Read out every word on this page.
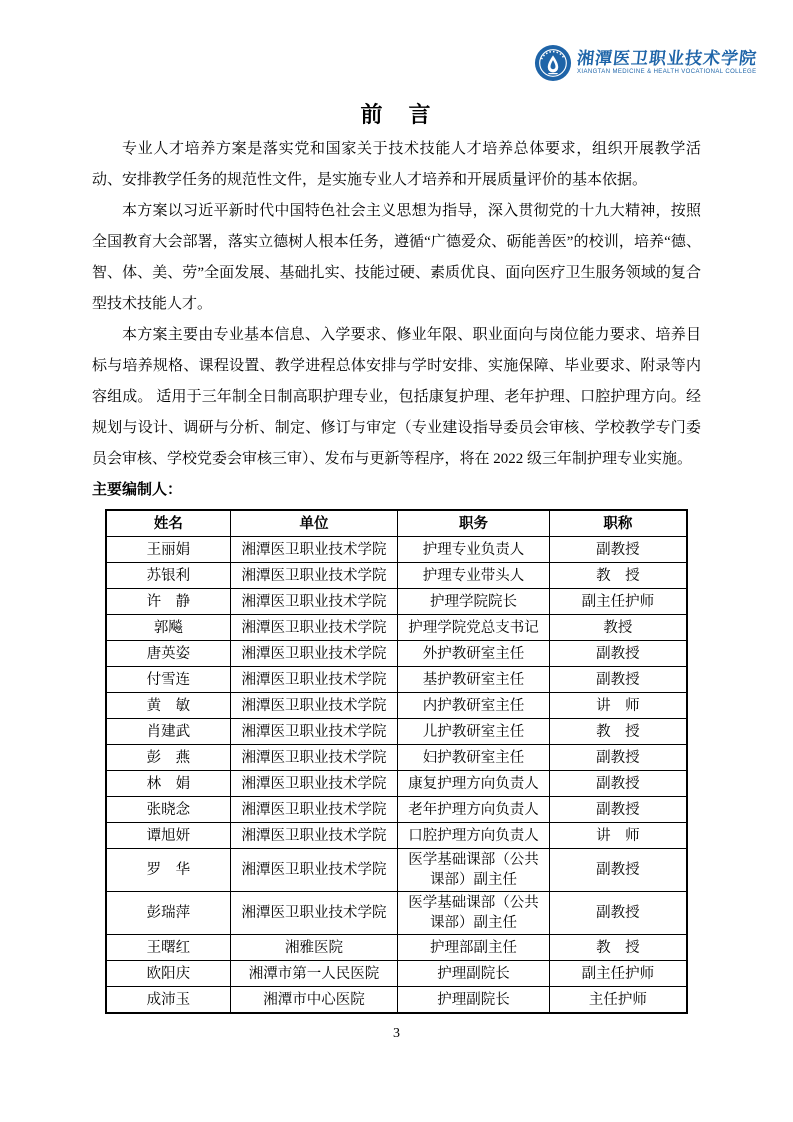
湘潭医卫职业技术学院
XIANGTAN MEDICINE & HEALTH VOCATIONAL COLLEGE
前　言

专业人才培养方案是落实党和国家关于技术技能人才培养总体要求，组织开展教学活动、安排教学任务的规范性文件，是实施专业人才培养和开展质量评价的基本依据。

本方案以习近平新时代中国特色社会主义思想为指导，深入贯彻党的十九大精神，按照全国教育大会部署，落实立德树人根本任务，遵循“广德爱众、砺能善医”的校训，培养“德、智、体、美、劳”全面发展、基础扎实、技能过硬、素质优良、面向医疗卫生服务领域的复合型技术技能人才。

本方案主要由专业基本信息、入学要求、修业年限、职业面向与岗位能力要求、培养目标与培养规格、课程设置、教学进程总体安排与学时安排、实施保障、毕业要求、附录等内容组成。 适用于三年制全日制高职护理专业，包括康复护理、老年护理、口腔护理方向。经规划与设计、调研与分析、制定、修订与审定（专业建设指导委员会审核、学校教学专门委员会审核、学校党委会审核三审）、发布与更新等程序，将在 2022 级三年制护理专业实施。

主要编制人：
姓名	单位	职务	职称
王丽娟	湘潭医卫职业技术学院	护理专业负责人	副教授
苏银利	湘潭医卫职业技术学院	护理专业带头人	教　授
许　静	湘潭医卫职业技术学院	护理学院院长	副主任护师
郭飚	湘潭医卫职业技术学院	护理学院党总支书记	教授
唐英姿	湘潭医卫职业技术学院	外护教研室主任	副教授
付雪连	湘潭医卫职业技术学院	基护教研室主任	副教授
黄　敏	湘潭医卫职业技术学院	内护教研室主任	讲　师
肖建武	湘潭医卫职业技术学院	儿护教研室主任	教　授
彭　燕	湘潭医卫职业技术学院	妇护教研室主任	副教授
林　娟	湘潭医卫职业技术学院	康复护理方向负责人	副教授
张晓念	湘潭医卫职业技术学院	老年护理方向负责人	副教授
谭旭妍	湘潭医卫职业技术学院	口腔护理方向负责人	讲　师
罗　华	湘潭医卫职业技术学院	医学基础课部（公共课部）副主任	副教授
彭瑞萍	湘潭医卫职业技术学院	医学基础课部（公共课部）副主任	副教授
王曙红	湘雅医院	护理部副主任	教　授
欧阳庆	湘潭市第一人民医院	护理副院长	副主任护师
成沛玉	湘潭市中心医院	护理副院长	主任护师
3
